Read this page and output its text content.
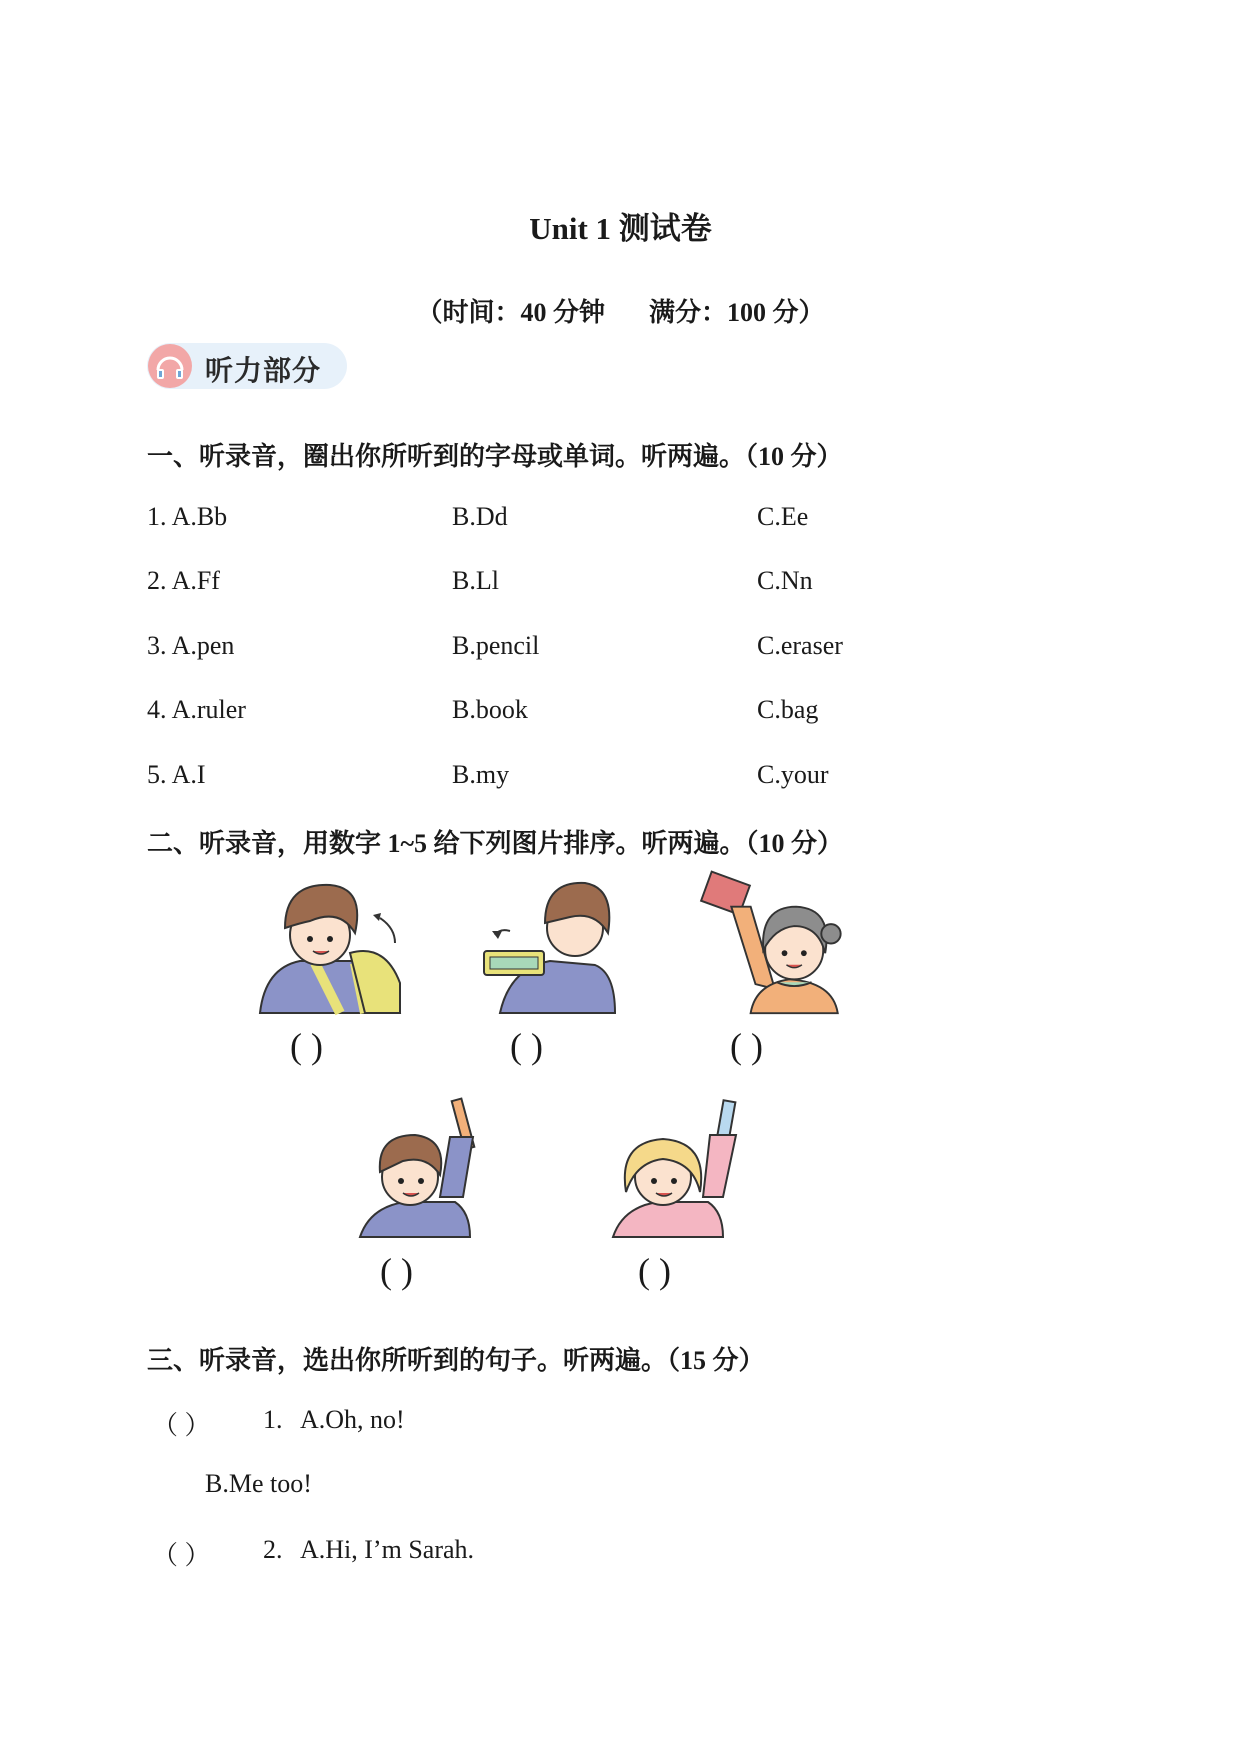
Unit 1 测试卷
（时间：40 分钟 满分：100 分）
听力部分
一、听录音，圈出你所听到的字母或单词。听两遍。（10 分）
1. A.Bb	B.Dd	C.Ee
2. A.Ff	B.Ll	C.Nn
3. A.pen	B.pencil	C.eraser
4. A.ruler	B.book	C.bag
5. A.I	B.my	C.your
二、听录音，用数字 1~5 给下列图片排序。听两遍。（10 分）
( )	( )	( )
( )	( )
三、听录音，选出你所听到的句子。听两遍。（15 分）
（ ） 1. A.Oh, no!
B.Me too!
（ ） 2. A.Hi, I’m Sarah.
